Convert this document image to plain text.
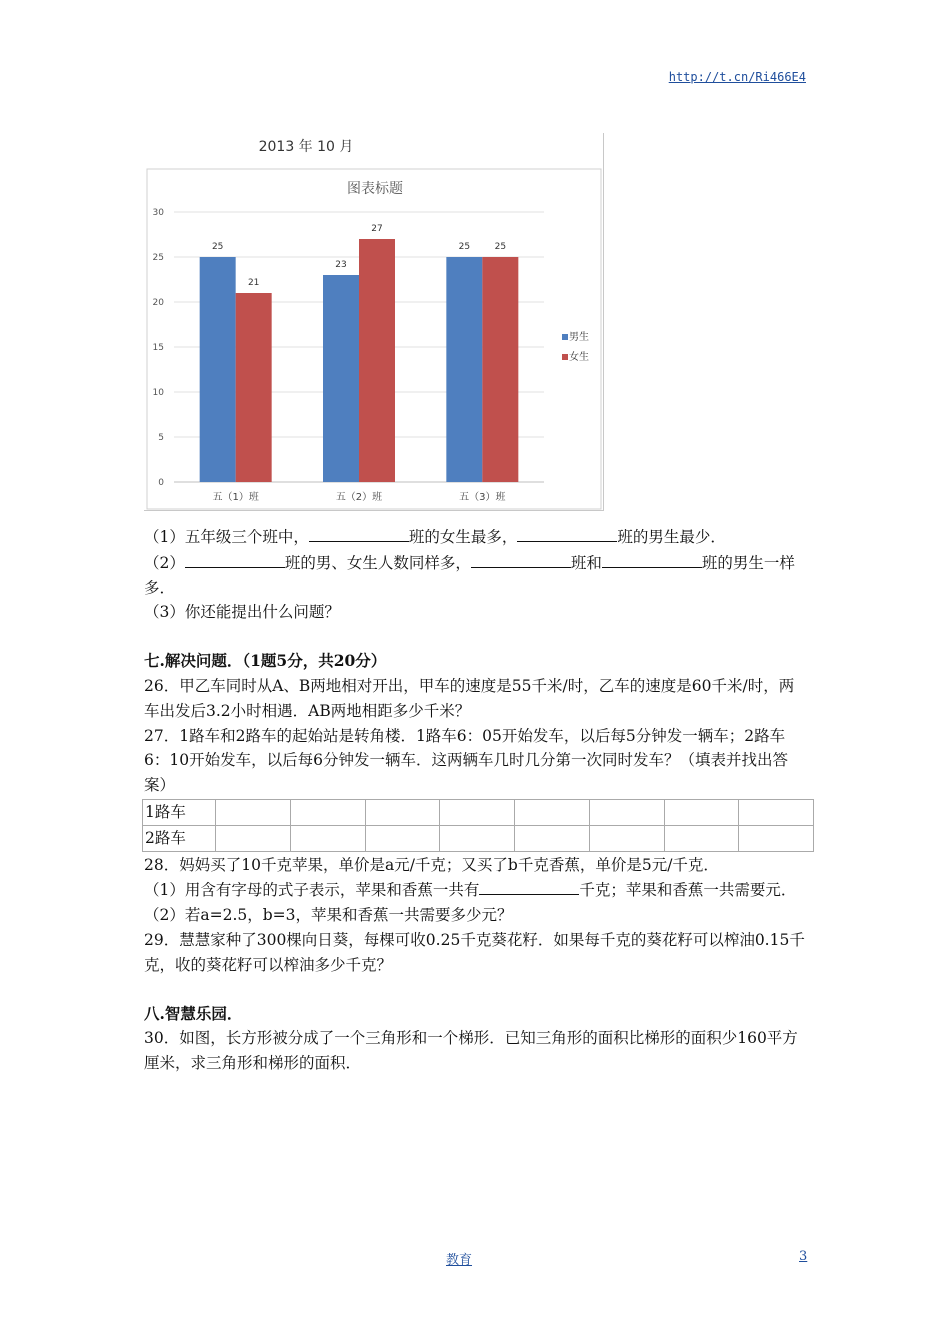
http://t.cn/Ri466E4
2013 年 10 月
图表标题
0
5
10
15
20
25
30
25
21
五（1）班
23
27
五（2）班
25	25
五（3）班
男生
女生

（1）五年级三个班中，	班的女生最多，	班的男生最少．

（2）	班的男、女生人数同样多，	班和	班的男生一样多．

（3）你还能提出什么问题？

七.解决问题．（1题5分，共20分）

26．甲乙车同时从A、B两地相对开出，甲车的速度是55千米/时，乙车的速度是60千米/时，两车出发后3.2小时相遇．AB两地相距多少千米？

27．1路车和2路车的起始站是转角楼．1路车6：05开始发车，以后每5分钟发一辆车；2路车6：10开始发车，以后每6分钟发一辆车．这两辆车几时几分第一次同时发车？（填表并找出答案）

1路车								
2路车								

28．妈妈买了10千克苹果，单价是a元/千克；又买了b千克香蕉，单价是5元/千克．

（1）用含有字母的式子表示，苹果和香蕉一共有	千克；苹果和香蕉一共需要元．

（2）若a=2.5，b=3，苹果和香蕉一共需要多少元？

29．慧慧家种了300棵向日葵，每棵可收0.25千克葵花籽．如果每千克的葵花籽可以榨油0.15千克，收的葵花籽可以榨油多少千克？

八.智慧乐园．

30．如图，长方形被分成了一个三角形和一个梯形．已知三角形的面积比梯形的面积少160平方厘米，求三角形和梯形的面积．

教育	3
